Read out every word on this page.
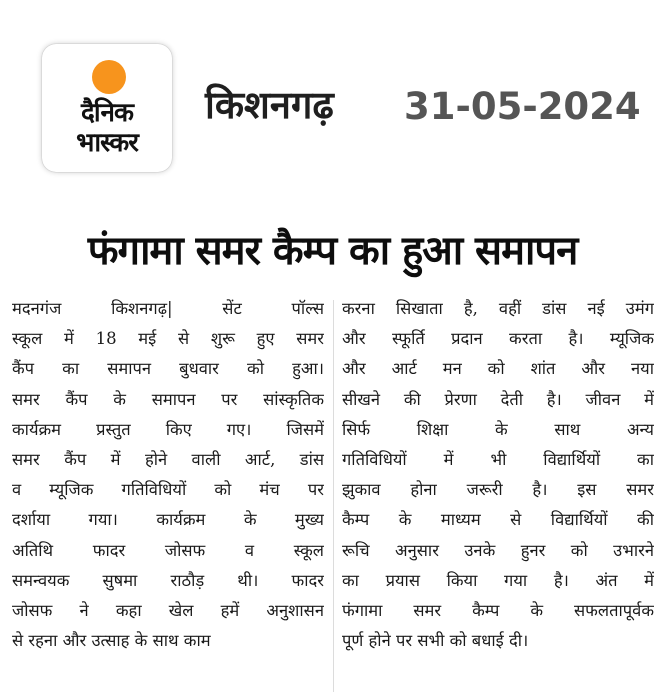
दैनिक
भास्कर
किशनगढ़ 31-05-2024
फंगामा समर कैम्प का हुआ समापन
मदनगंज किशनगढ़| सेंट पॉल्स
स्कूल में 18 मई से शुरू हुए समर
कैंप का समापन बुधवार को हुआ।
समर कैंप के समापन पर सांस्कृतिक
कार्यक्रम प्रस्तुत किए गए। जिसमें
समर कैंप में होने वाली आर्ट, डांस
व म्यूजिक गतिविधियों को मंच पर
दर्शाया गया। कार्यक्रम के मुख्य
अतिथि फादर जोसफ व स्कूल
समन्वयक सुषमा राठौड़ थी। फादर
जोसफ ने कहा खेल हमें अनुशासन
से रहना और उत्साह के साथ काम
करना सिखाता है, वहीं डांस नई उमंग
और स्फूर्ति प्रदान करता है। म्यूजिक
और आर्ट मन को शांत और नया
सीखने की प्रेरणा देती है। जीवन में
सिर्फ शिक्षा के साथ अन्य
गतिविधियों में भी विद्यार्थियों का
झुकाव होना जरूरी है। इस समर
कैम्प के माध्यम से विद्यार्थियों की
रूचि अनुसार उनके हुनर को उभारने
का प्रयास किया गया है। अंत में
फंगामा समर कैम्प के सफलतापूर्वक
पूर्ण होने पर सभी को बधाई दी।
